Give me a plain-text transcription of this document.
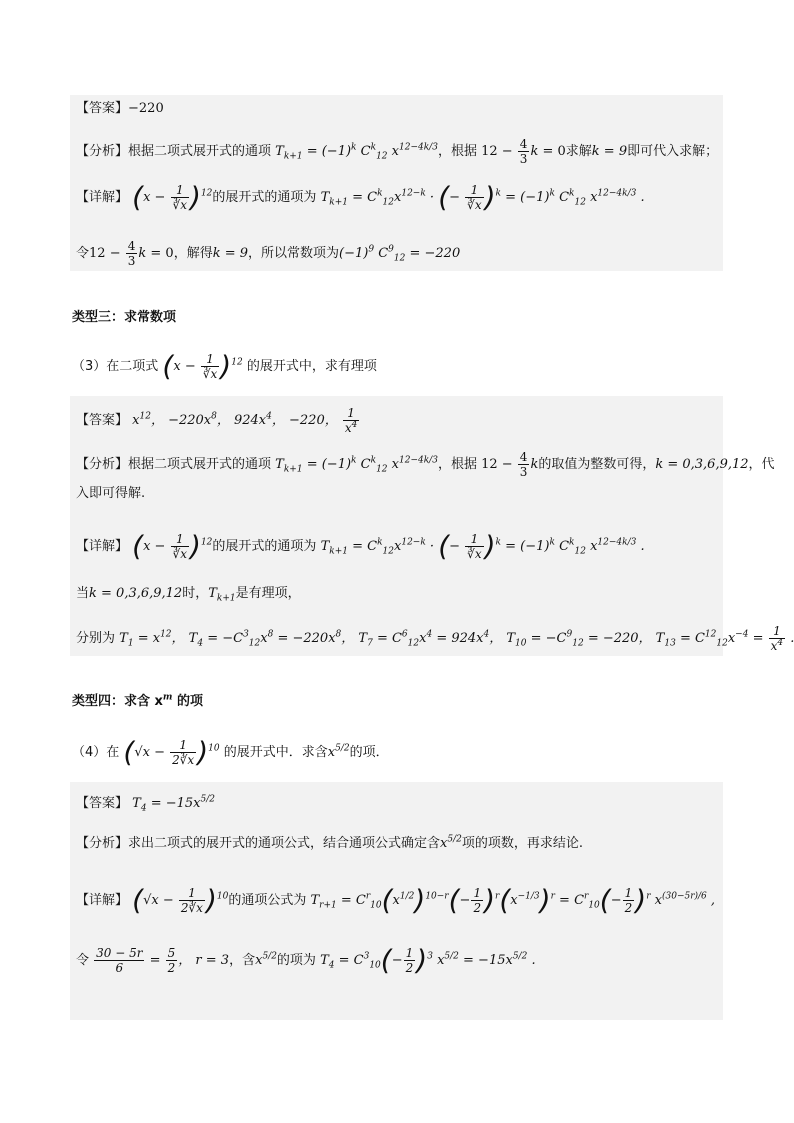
【答案】−220
【分析】根据二项式展开式的通项 $T_{k+1} = (-1)^k$ $C^k_{12}$ $x^{12-4k/3}$，根据 $12 - \frac{4}{3}$ k = 0求解k = 9即可代入求解；
【详解】 $(x - \frac{1}{∛x} )^{12}$的展开式的通项为 $T_{k+1} = C^k_{12}x^{12-k}$ · (− $\frac{1}{∛x} )^k = (-1)^k$ $C^k_{12}$ $x^{12-4k/3}$ .
令$12 - \frac{4}{3}$ k = 0，解得k = 9，所以常数项为$(-1)^9$ $C^9_{12} = -220$
类型三：求常数项
（3）在二项式 $(x - \frac{1}{∛x} )^{12}$ 的展开式中，求有理项
【答案】 $x^{12}$， $-220x^8$， $924x^4$， −220， $\frac{1}{x^4}$
【分析】根据二项式展开式的通项 $T_{k+1} = (-1)^k$ $C^k_{12}$ $x^{12-4k/3}$，根据 $12 - \frac{4}{3}$ k的取值为整数可得，k = 0,3,6,9,12，代
入即可得解.
【详解】 $(x - \frac{1}{∛x} )^{12}$的展开式的通项为 $T_{k+1} = C^k_{12}x^{12-k}$ · (− $\frac{1}{∛x} )^k = (-1)^k$ $C^k_{12}$ $x^{12-4k/3}$ .
当k = 0,3,6,9,12时，$T_{k+1}$是有理项，
分别为 $T_1 = x^{12}$， $T_4 = -C^3_{12}x^8 = -220x^8$， $T_7 = C^6_{12}x^4 = 924x^4$， $T_{10} = -C^9_{12} = -220$， $T_{13} = C^{12}_{12}x^{-4} = \frac{1}{x^4}$ .
类型四：求含 $x^m$ 的项
（4）在 $(√x - \frac{1}{2∛x} )^{10}$ 的展开式中．求含$x^{5/2}$的项．
【答案】 $T_4 = -15x^{5/2}$
【分析】求出二项式的展开式的通项公式，结合通项公式确定含$x^{5/2}$项的项数，再求结论.
【详解】 $(√x - \frac{1}{2∛x} )^{10}$的通项公式为 $T_{r+1} = C^r_{10}(x^{1/2})^{10-r}(- \frac{1}{2} )^r(x^{-1/3})^r = C^r_{10}(- \frac{1}{2} )^r$ $x^{(30-5r)/6}$ ,
令 $\frac{30 - 5r}{6} = \frac{5}{2}$ ， r = 3，含$x^{5/2}$的项为 $T_4 = C^3_{10}(- \frac{1}{2} )^3$ $x^{5/2} = -15x^{5/2}$ .
